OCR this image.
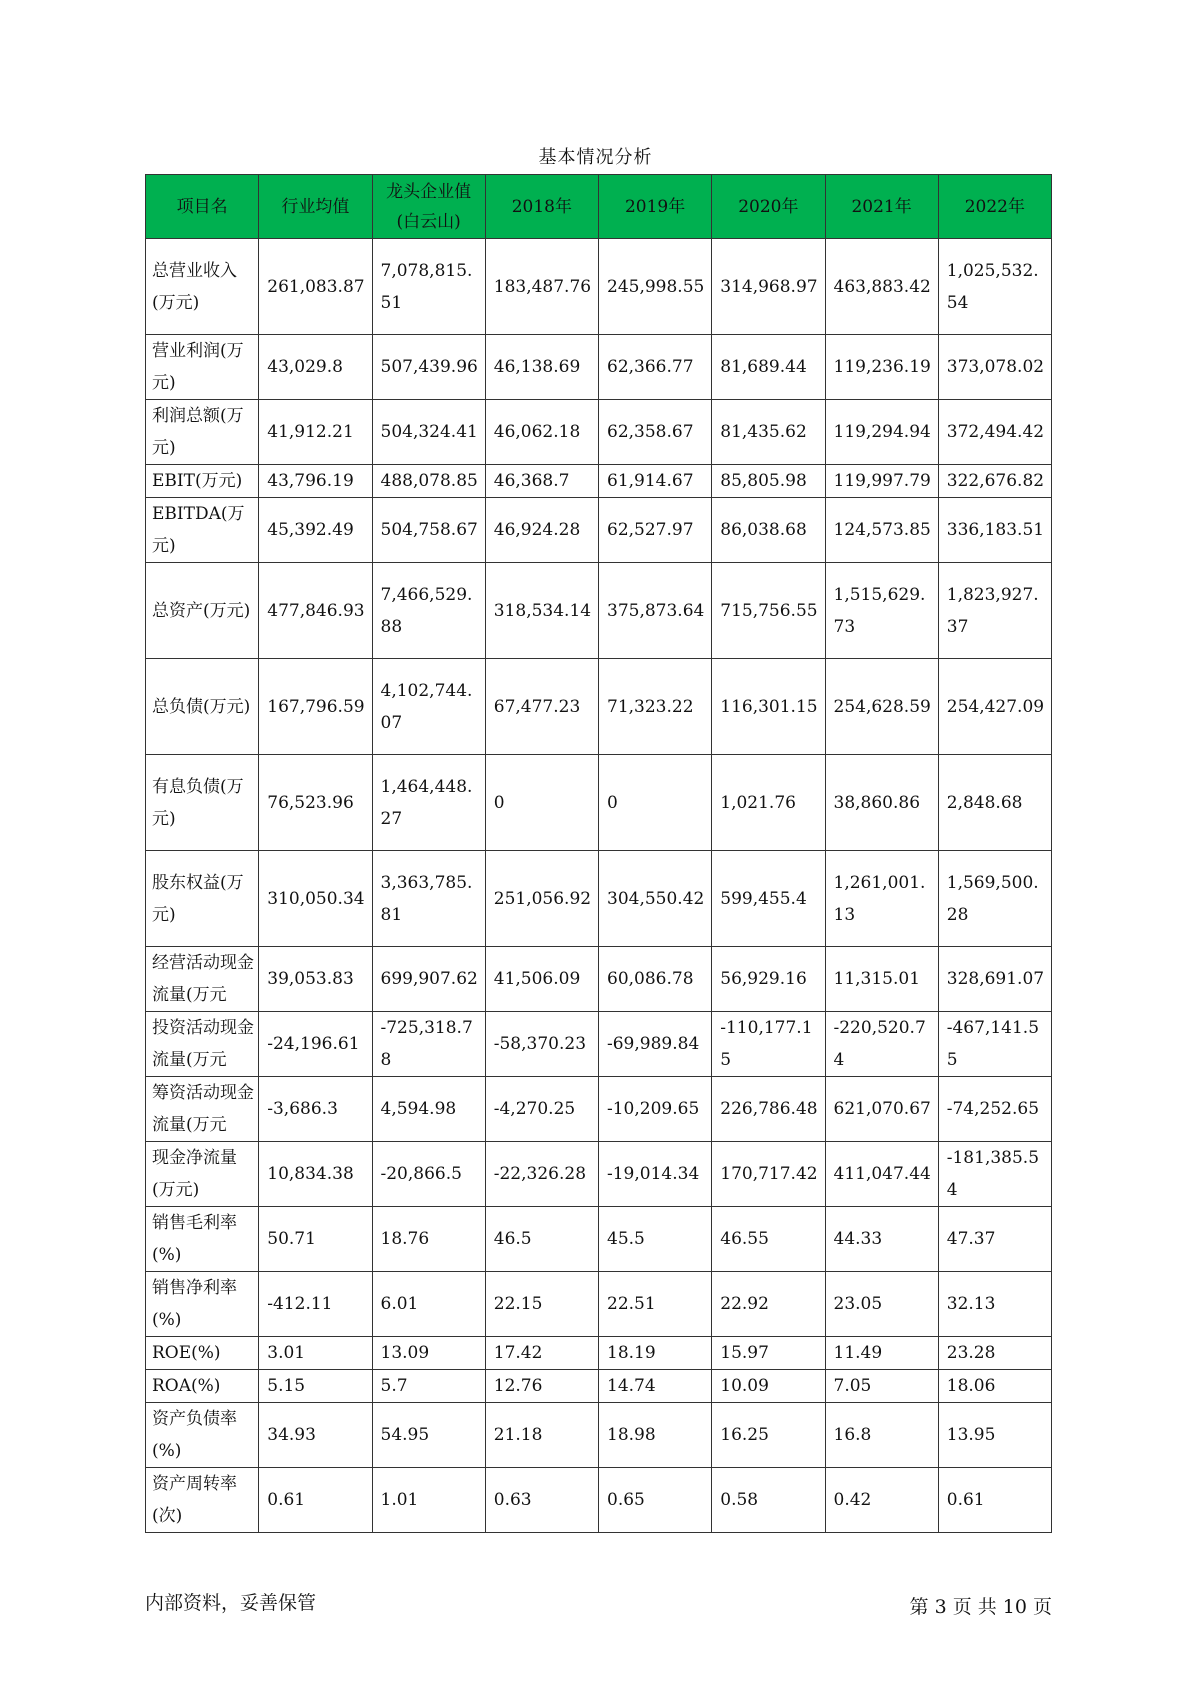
基本情况分析
项目名	行业均值	龙头企业值(白云山)	2018年	2019年	2020年	2021年	2022年
总营业收入(万元)	261,083.87	7,078,815.51	183,487.76	245,998.55	314,968.97	463,883.42	1,025,532.54
营业利润(万元)	43,029.8	507,439.96	46,138.69	62,366.77	81,689.44	119,236.19	373,078.02
利润总额(万元)	41,912.21	504,324.41	46,062.18	62,358.67	81,435.62	119,294.94	372,494.42
EBIT(万元)	43,796.19	488,078.85	46,368.7	61,914.67	85,805.98	119,997.79	322,676.82
EBITDA(万元)	45,392.49	504,758.67	46,924.28	62,527.97	86,038.68	124,573.85	336,183.51
总资产(万元)	477,846.93	7,466,529.88	318,534.14	375,873.64	715,756.55	1,515,629.73	1,823,927.37
总负债(万元)	167,796.59	4,102,744.07	67,477.23	71,323.22	116,301.15	254,628.59	254,427.09
有息负债(万元)	76,523.96	1,464,448.27	0	0	1,021.76	38,860.86	2,848.68
股东权益(万元)	310,050.34	3,363,785.81	251,056.92	304,550.42	599,455.4	1,261,001.13	1,569,500.28
经营活动现金流量(万元	39,053.83	699,907.62	41,506.09	60,086.78	56,929.16	11,315.01	328,691.07
投资活动现金流量(万元	-24,196.61	-725,318.78	-58,370.23	-69,989.84	-110,177.15	-220,520.74	-467,141.55
筹资活动现金流量(万元	-3,686.3	4,594.98	-4,270.25	-10,209.65	226,786.48	621,070.67	-74,252.65
现金净流量(万元)	10,834.38	-20,866.5	-22,326.28	-19,014.34	170,717.42	411,047.44	-181,385.54
销售毛利率(%)	50.71	18.76	46.5	45.5	46.55	44.33	47.37
销售净利率(%)	-412.11	6.01	22.15	22.51	22.92	23.05	32.13
ROE(%)	3.01	13.09	17.42	18.19	15.97	11.49	23.28
ROA(%)	5.15	5.7	12.76	14.74	10.09	7.05	18.06
资产负债率(%)	34.93	54.95	21.18	18.98	16.25	16.8	13.95
资产周转率(次)	0.61	1.01	0.63	0.65	0.58	0.42	0.61
内部资料，妥善保管	第 3 页 共 10 页
